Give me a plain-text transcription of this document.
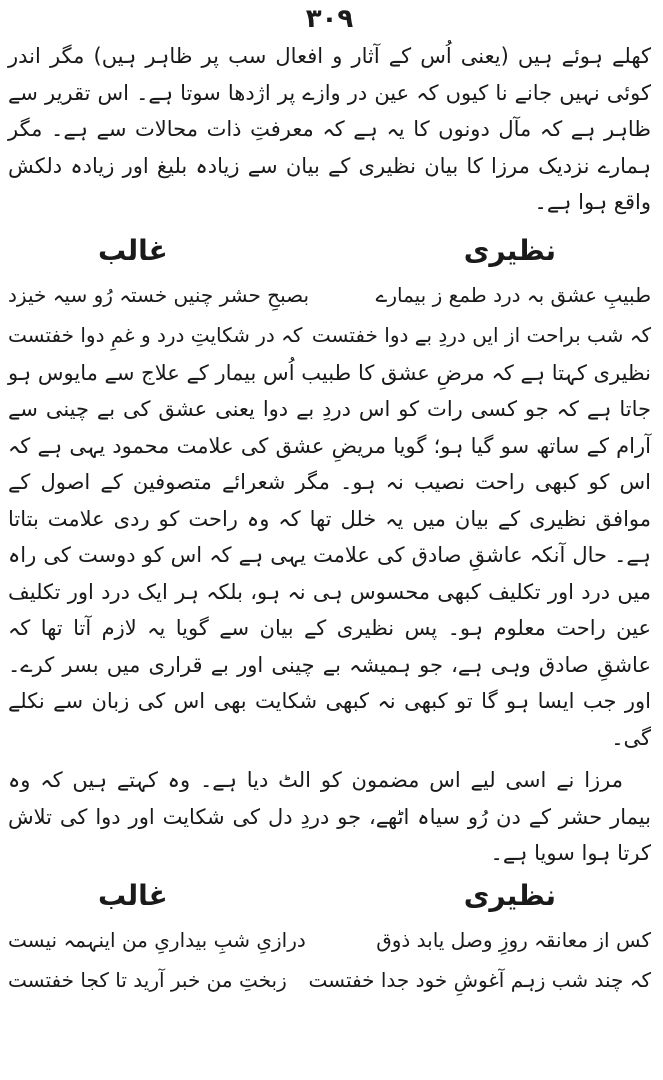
۳۰۹

کھلے ہوئے ہیں (یعنی اُس کے آثار و افعال سب پر ظاہر ہیں) مگر اندر کوئی نہیں جانے نا کیوں کہ عین در وازے پر اژدھا سوتا ہے۔ اس تقریر سے ظاہر ہے کہ مآل دونوں کا یہ ہے کہ معرفتِ ذات محالات سے ہے۔ مگر ہمارے نزدیک مرزا کا بیان نظیری کے بیان سے زیادہ بلیغ اور زیادہ دلکش واقع ہوا ہے۔

نظیری
غالب
طبیبِ عشق بہ درد طمع ز بیمارے
بصبحِ حشر چنیں خستہ رُو سیہ خیزد
کہ شب براحت از ایں دردِ بے دوا خفتست
کہ در شکایتِ درد و غمِ دوا خفتست

نظیری کہتا ہے کہ مرضِ عشق کا طبیب اُس بیمار کے علاج سے مایوس ہو جاتا ہے کہ جو کسی رات کو اس دردِ بے دوا یعنی عشق کی بے چینی سے آرام کے ساتھ سو گیا ہو؛ گویا مریضِ عشق کی علامت محمود یہی ہے کہ اس کو کبھی راحت نصیب نہ ہو۔ مگر شعرائے متصوفین کے اصول کے موافق نظیری کے بیان میں یہ خلل تھا کہ وہ راحت کو ردی علامت بتاتا ہے۔ حال آنکہ عاشقِ صادق کی علامت یہی ہے کہ اس کو دوست کی راہ میں درد اور تکلیف کبھی محسوس ہی نہ ہو، بلکہ ہر ایک درد اور تکلیف عین راحت معلوم ہو۔ پس نظیری کے بیان سے گویا یہ لازم آتا تھا کہ عاشقِ صادق وہی ہے، جو ہمیشہ بے چینی اور بے قراری میں بسر کرے۔ اور جب ایسا ہو گا تو کبھی نہ کبھی شکایت بھی اس کی زبان سے نکلے گی۔

مرزا نے اسی لیے اس مضمون کو الٹ دیا ہے۔ وہ کہتے ہیں کہ وہ بیمار حشر کے دن رُو سیاہ اٹھے، جو دردِ دل کی شکایت اور دوا کی تلاش کرتا ہوا سویا ہے۔

نظیری
غالب
کس از معانقہ روزِ وصل یابد ذوق
درازیِ شبِ بیداریِ من اینہمہ نیست
کہ چند شب زہم آغوشِ خود جدا خفتست
زبختِ من خبر آرید تا کجا خفتست
